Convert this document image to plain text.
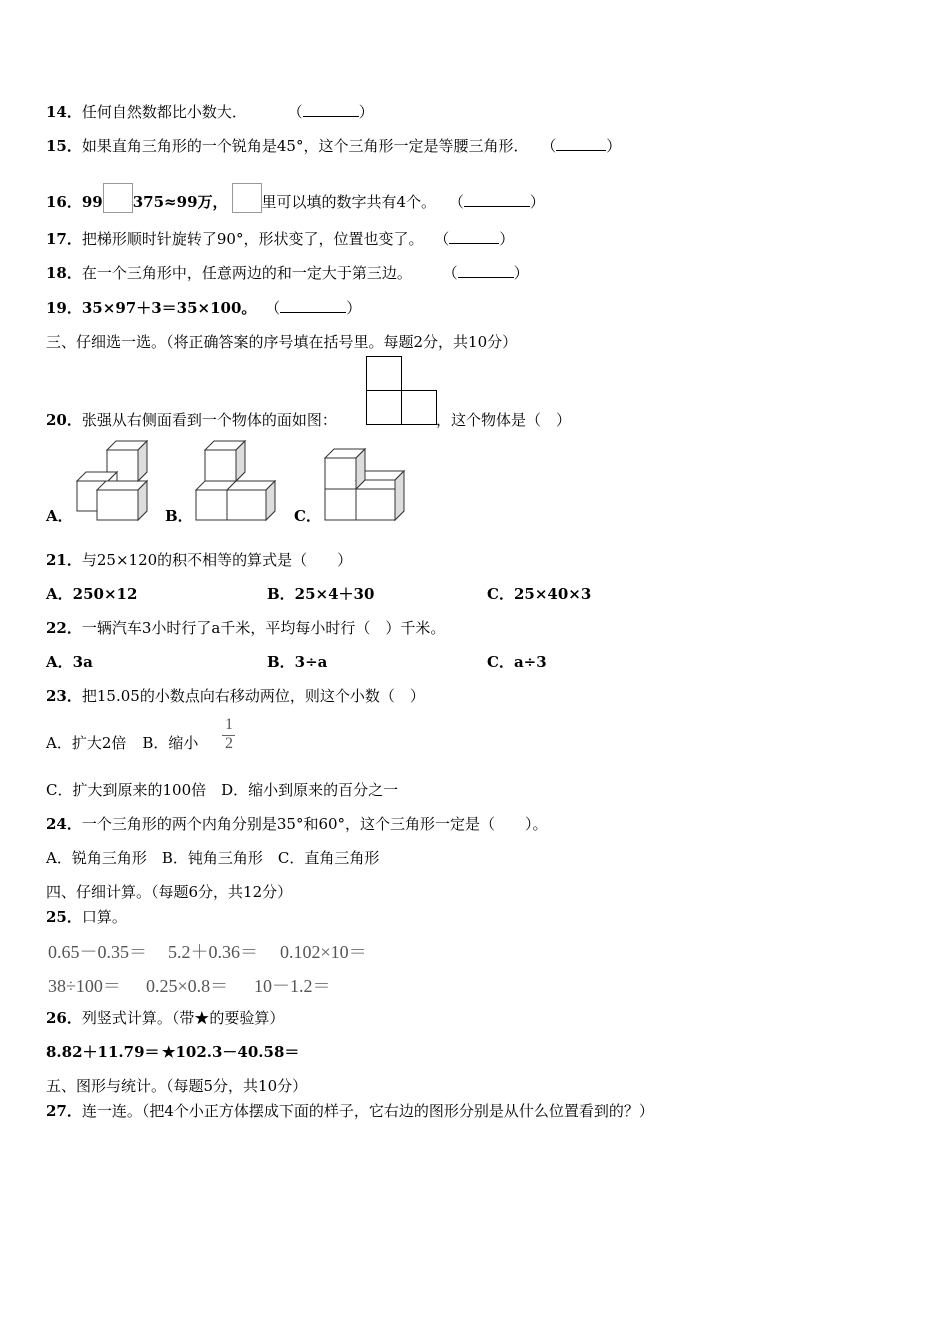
14．任何自然数都比小数大．	（	）
15．如果直角三角形的一个锐角是45°，这个三角形一定是等腰三角形． （	）
16．99 375≈99万， 里可以填的数字共有4个。 （	）
17．把梯形顺时针旋转了90°，形状变了，位置也变了。 （	）
18．在一个三角形中，任意两边的和一定大于第三边。 （	）
19．35×97＋3＝35×100。 （	）
三、仔细选一选。（将正确答案的序号填在括号里。每题2分，共10分）
20．张强从右侧面看到一个物体的面如图：	，这个物体是（　）
A．	B．	C．
21．与25×120的积不相等的算式是（　　）
A．250×12	B．25×4＋30	C．25×40×3
22．一辆汽车3小时行了a千米，平均每小时行（　）千米。
A．3a	B．3÷a	C．a÷3
23．把15.05的小数点向右移动两位，则这个小数（　）
A．扩大2倍 B．缩小
1
2
C．扩大到原来的100倍　D．缩小到原来的百分之一
24．一个三角形的两个内角分别是35°和60°，这个三角形一定是（　　）。
A．锐角三角形　B．钝角三角形　C．直角三角形
四、仔细计算。（每题6分，共12分）
25．口算。
0.65－0.35＝ 5.2＋0.36＝ 0.102×10＝
38÷100＝ 0.25×0.8＝ 10－1.2＝
26．列竖式计算。（带★的要验算）
8.82＋11.79＝ ★102.3－40.58＝
五、图形与统计。（每题5分，共10分）
27．连一连。（把4个小正方体摆成下面的样子，它右边的图形分别是从什么位置看到的？）
